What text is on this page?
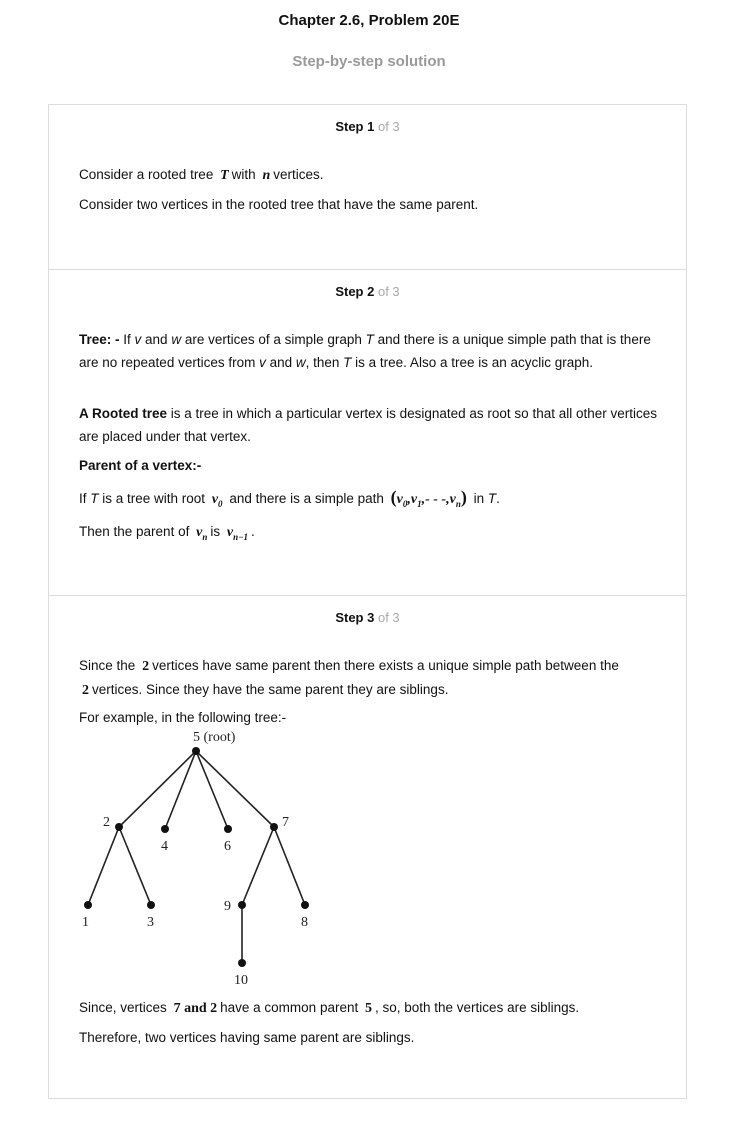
Chapter 2.6, Problem 20E
Step-by-step solution
Step 1 of 3
Consider a rooted tree T with n vertices.
Consider two vertices in the rooted tree that have the same parent.
Step 2 of 3
Tree: - If v and w are vertices of a simple graph T and there is a unique simple path that is there are no repeated vertices from v and w, then T is a tree. Also a tree is an acyclic graph.
A Rooted tree is a tree in which a particular vertex is designated as root so that all other vertices are placed under that vertex.
Parent of a vertex:-
If T is a tree with root $v_0$ and there is a simple path $(v_0,v_1,- - -,v_n)$ in T.
Then the parent of $v_n$ is $v_{n-1}$ .
Step 3 of 3
Since the 2 vertices have same parent then there exists a unique simple path between the 2 vertices. Since they have the same parent they are siblings.
For example, in the following tree:-
5 (root)
2
4	6
7
1	3
9
8
10
Since, vertices 7 and 2 have a common parent 5 , so, both the vertices are siblings.
Therefore, two vertices having same parent are siblings.
